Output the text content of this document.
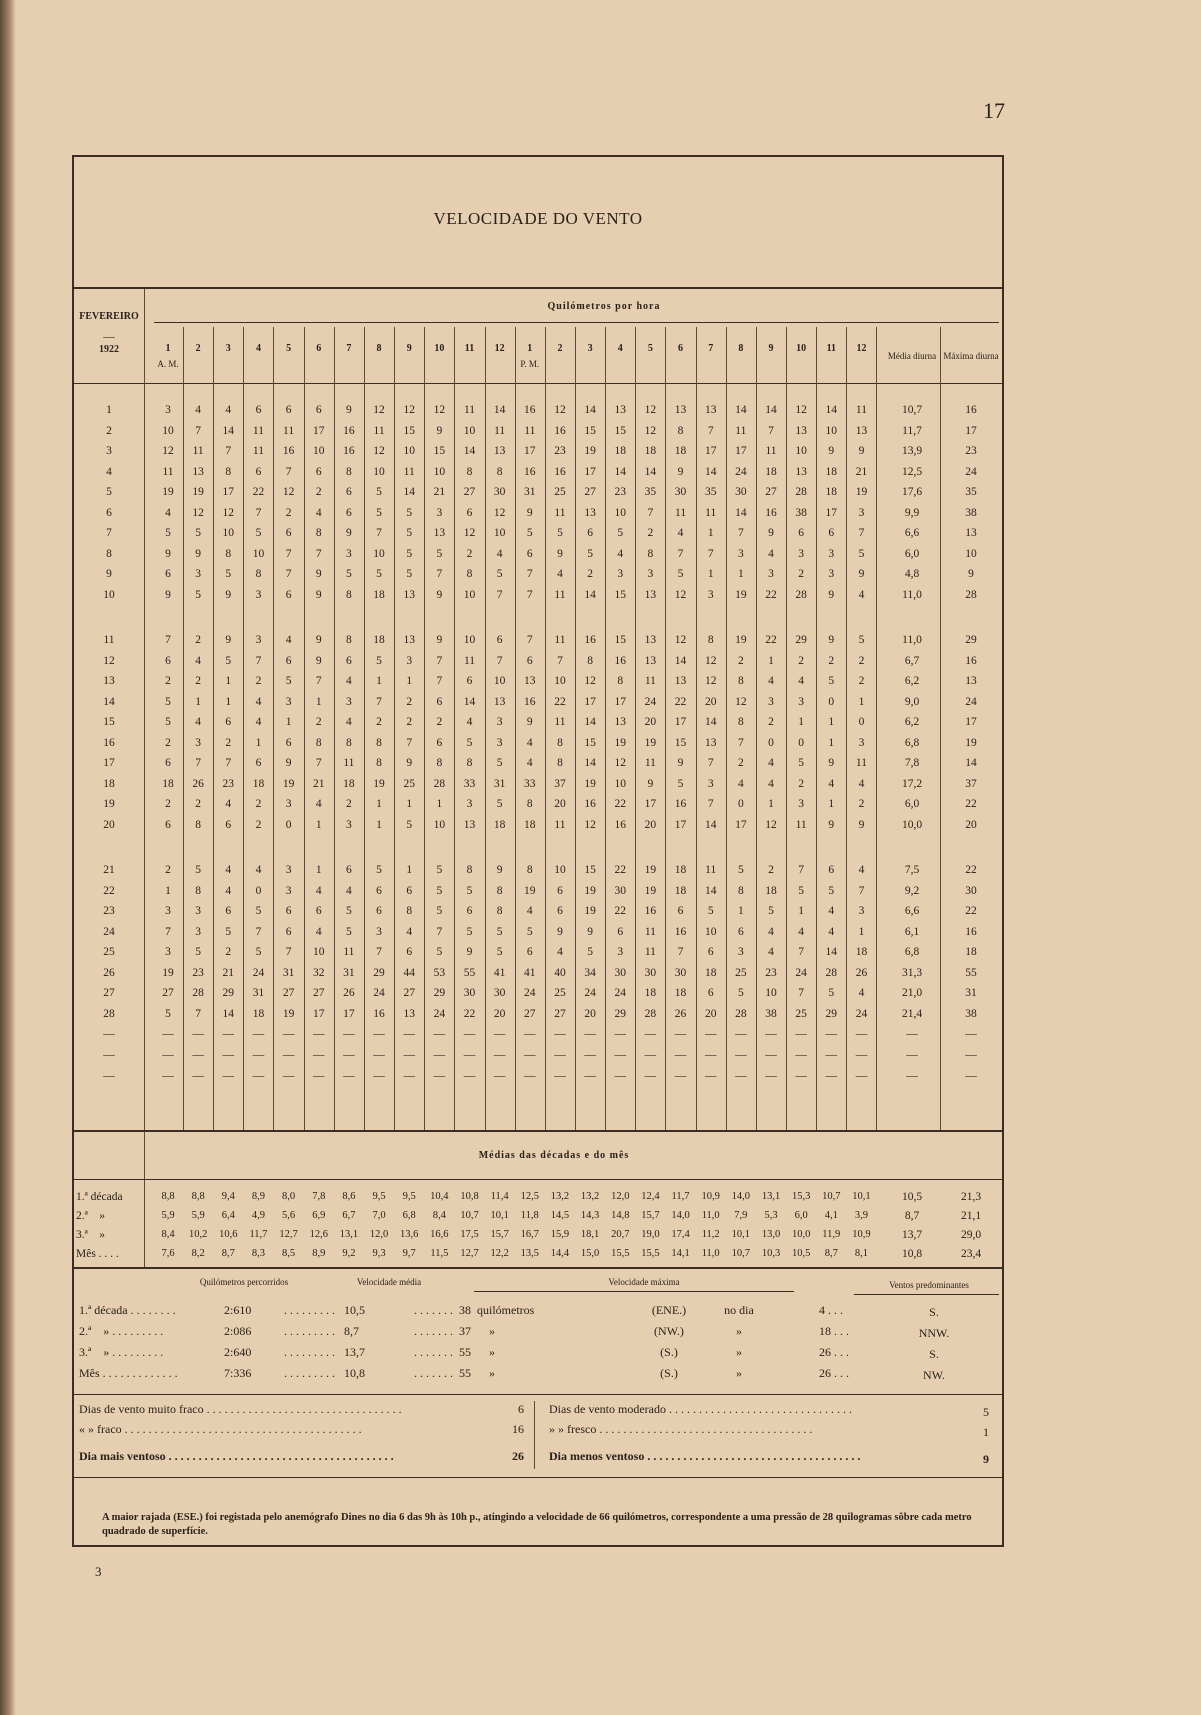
17
VELOCIDADE DO VENTO
FEVEREIRO
—
1922
Quilómetros por hora
1	2	3	4	5	6	7	8	9	10	11	12	1	2	3	4	5	6	7	8	9	10	11	12
A. M.	P. M.
Média diurna Máxima diurna
1	3	4	4	6	6	6	9	12	12	12	11	14	16	12	14	13	12	13	13	14	14	12	14	11	10,7	16
2	10	7	14	11	11	17	16	11	15	9	10	11	11	16	15	15	12	8	7	11	7	13	10	13	11,7	17
3	12	11	7	11	16	10	16	12	10	15	14	13	17	23	19	18	18	18	17	17	11	10	9	9	13,9	23
4	11	13	8	6	7	6	8	10	11	10	8	8	16	16	17	14	14	9	14	24	18	13	18	21	12,5	24
5	19	19	17	22	12	2	6	5	14	21	27	30	31	25	27	23	35	30	35	30	27	28	18	19	17,6	35
6	4	12	12	7	2	4	6	5	5	3	6	12	9	11	13	10	7	11	11	14	16	38	17	3	9,9	38
7	5	5	10	5	6	8	9	7	5	13	12	10	5	5	6	5	2	4	1	7	9	6	6	7	6,6	13
8	9	9	8	10	7	7	3	10	5	5	2	4	6	9	5	4	8	7	7	3	4	3	3	5	6,0	10
9	6	3	5	8	7	9	5	5	5	7	8	5	7	4	2	3	3	5	1	1	3	2	3	9	4,8	9
10	9	5	9	3	6	9	8	18	13	9	10	7	7	11	14	15	13	12	3	19	22	28	9	4	11,0	28
11	7	2	9	3	4	9	8	18	13	9	10	6	7	11	16	15	13	12	8	19	22	29	9	5	11,0	29
12	6	4	5	7	6	9	6	5	3	7	11	7	6	7	8	16	13	14	12	2	1	2	2	2	6,7	16
13	2	2	1	2	5	7	4	1	1	7	6	10	13	10	12	8	11	13	12	8	4	4	5	2	6,2	13
14	5	1	1	4	3	1	3	7	2	6	14	13	16	22	17	17	24	22	20	12	3	3	0	1	9,0	24
15	5	4	6	4	1	2	4	2	2	2	4	3	9	11	14	13	20	17	14	8	2	1	1	0	6,2	17
16	2	3	2	1	6	8	8	8	7	6	5	3	4	8	15	19	19	15	13	7	0	0	1	3	6,8	19
17	6	7	7	6	9	7	11	8	9	8	8	5	4	8	14	12	11	9	7	2	4	5	9	11	7,8	14
18	18	26	23	18	19	21	18	19	25	28	33	31	33	37	19	10	9	5	3	4	4	2	4	4	17,2	37
19	2	2	4	2	3	4	2	1	1	1	3	5	8	20	16	22	17	16	7	0	1	3	1	2	6,0	22
20	6	8	6	2	0	1	3	1	5	10	13	18	18	11	12	16	20	17	14	17	12	11	9	9	10,0	20
21	2	5	4	4	3	1	6	5	1	5	8	9	8	10	15	22	19	18	11	5	2	7	6	4	7,5	22
22	1	8	4	0	3	4	4	6	6	5	5	8	19	6	19	30	19	18	14	8	18	5	5	7	9,2	30
23	3	3	6	5	6	6	5	6	8	5	6	8	4	6	19	22	16	6	5	1	5	1	4	3	6,6	22
24	7	3	5	7	6	4	5	3	4	7	5	5	5	9	9	6	11	16	10	6	4	4	4	1	6,1	16
25	3	5	2	5	7	10	11	7	6	5	9	5	6	4	5	3	11	7	6	3	4	7	14	18	6,8	18
26	19	23	21	24	31	32	31	29	44	53	55	41	41	40	34	30	30	30	18	25	23	24	28	26	31,3	55
27	27	28	29	31	27	27	26	24	27	29	30	30	24	25	24	24	18	18	6	5	10	7	5	4	21,0	31
28	5	7	14	18	19	17	17	16	13	24	22	20	27	27	20	29	28	26	20	28	38	25	29	24	21,4	38
—	—	—	—	—	—	—	—	—	—	—	—	—	—	—	—	—	—	—	—	—	—	—	—	—	—	—
—	—	—	—	—	—	—	—	—	—	—	—	—	—	—	—	—	—	—	—	—	—	—	—	—	—	—
—	—	—	—	—	—	—	—	—	—	—	—	—	—	—	—	—	—	—	—	—	—	—	—	—	—	—
Médias das décadas e do mês
1.ª década	8,8	8,8	9,4	8,9	8,0	7,8	8,6	9,5	9,5	10,4	10,8	11,4	12,5	13,2	13,2	12,0	12,4	11,7	10,9	14,0	13,1	15,3	10,7	10,1	10,5	21,3
2.ª    »	5,9	5,9	6,4	4,9	5,6	6,9	6,7	7,0	6,8	8,4	10,7	10,1	11,8	14,5	14,3	14,8	15,7	14,0	11,0	7,9	5,3	6,0	4,1	3,9	8,7	21,1
3.ª    »	8,4	10,2	10,6	11,7	12,7	12,6	13,1	12,0	13,6	16,6	17,5	15,7	16,7	15,9	18,1	20,7	19,0	17,4	11,2	10,1	13,0	10,0	11,9	10,9	13,7	29,0
Mês . . . .	7,6	8,2	8,7	8,3	8,5	8,9	9,2	9,3	9,7	11,5	12,7	12,2	13,5	14,4	15,0	15,5	15,5	14,1	11,0	10,7	10,3	10,5	8,7	8,1	10,8	23,4
Quilómetros percorridos	Velocidade média	Velocidade máxima	Ventos predominantes
1.ª década . . . . . . . .	2:610	. . . . . . . . .   10,5	. . . . . . .  38  quilómetros	(ENE.)	no dia	4 . . .	S.
2.ª    » . . . . . . . . .	2:086	. . . . . . . . .   8,7	. . . . . . .  37      »	(NW.)	»	18 . . .	NNW.
3.ª    » . . . . . . . . .	2:640	. . . . . . . . .   13,7	. . . . . . .  55      »	(S.)	»	26 . . .	S.
Mês . . . . . . . . . . . . .	7:336	. . . . . . . . .   10,8	. . . . . . .  55      »	(S.)	»	26 . . .	NW.
Dias de vento muito fraco . . . . . . . . . . . . . . . . . . . . . . . . . . . . . . . . .	6
« » fraco . . . . . . . . . . . . . . . . . . . . . . . . . . . . . . . . . . . . . . . .	16
Dia mais ventoso . . . . . . . . . . . . . . . . . . . . . . . . . . . . . . . . . . . . . .	26
Dias de vento moderado . . . . . . . . . . . . . . . . . . . . . . . . . . . . . . .	5
» » fresco . . . . . . . . . . . . . . . . . . . . . . . . . . . . . . . . . . . .	1
Dia menos ventoso . . . . . . . . . . . . . . . . . . . . . . . . . . . . . . . . . . . .	9
A maior rajada (ESE.) foi registada pelo anemógrafo Dines no dia 6 das 9h às 10h p., atingindo a velocidade de 66 quilómetros, correspondente a uma pressão de 28 quilogramas sôbre cada metro quadrado de superfície.
3
